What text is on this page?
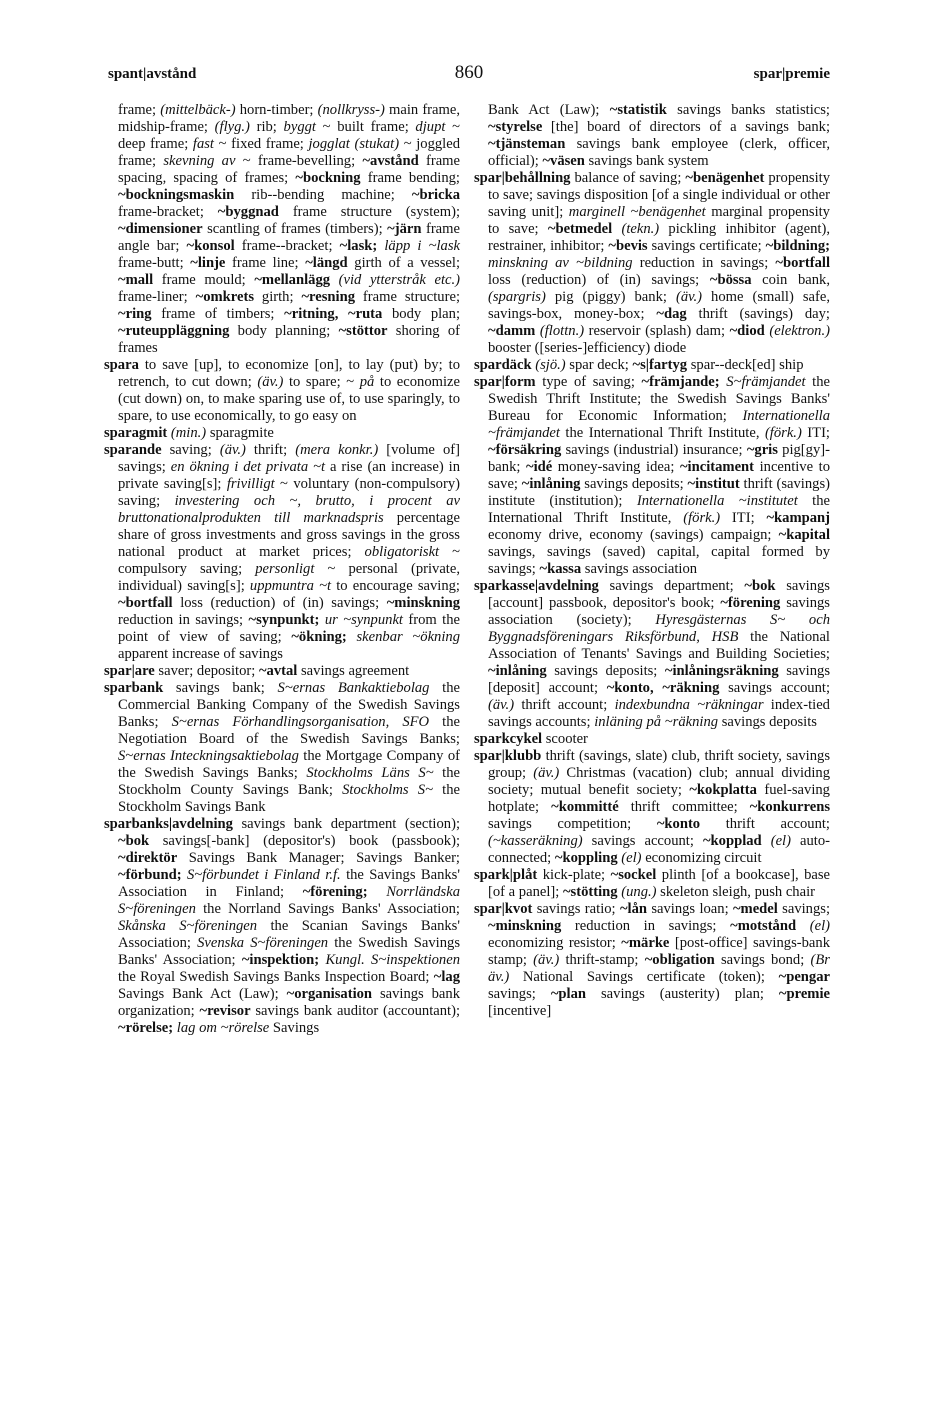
spant|avstånd	860	spar|premie

frame; (mittelbäck-) horn-timber; (nollkryss-) main frame, midship-frame; (flyg.) rib; byggt ~ built frame; djupt ~ deep frame; fast ~ fixed frame; jogglat (stukat) ~ joggled frame; skevning av ~ frame-bevelling; ~avstånd frame spacing, spacing of frames; ~bockning frame bending; ~bockningsmaskin rib--bending machine; ~bricka frame-bracket; ~byggnad frame structure (system); ~dimensioner scantling of frames (timbers); ~järn frame angle bar; ~konsol frame--bracket; ~lask; läpp i ~lask frame-butt; ~linje frame line; ~längd girth of a vessel; ~mall frame mould; ~mellanlägg (vid ytterstråk etc.) frame-liner; ~omkrets girth; ~resning frame structure; ~ring frame of timbers; ~ritning, ~ruta body plan; ~ruteuppläggning body planning; ~stöttor shoring of frames

spara to save [up], to economize [on], to lay (put) by; to retrench, to cut down; (äv.) to spare; ~ på to economize (cut down) on, to make sparing use of, to use sparingly, to spare, to use economically, to go easy on

sparagmit (min.) sparagmite

sparande saving; (äv.) thrift; (mera konkr.) [volume of] savings; en ökning i det privata ~t a rise (an increase) in private saving[s]; frivilligt ~ voluntary (non-compulsory) saving; investering och ~, brutto, i procent av bruttonationalprodukten till marknadspris percentage share of gross investments and gross savings in the gross national product at market prices; obligatoriskt ~ compulsory saving; personligt ~ personal (private, individual) saving[s]; uppmuntra ~t to encourage saving; ~bortfall loss (reduction) of (in) savings; ~minskning reduction in savings; ~synpunkt; ur ~synpunkt from the point of view of saving; ~ökning; skenbar ~ökning apparent increase of savings

spar|are saver; depositor; ~avtal savings agreement

sparbank savings bank; S~ernas Bankaktiebolag the Commercial Banking Company of the Swedish Savings Banks; S~ernas Förhandlingsorganisation, SFO the Negotiation Board of the Swedish Savings Banks; S~ernas Inteckningsaktiebolag the Mortgage Company of the Swedish Savings Banks; Stockholms Läns S~ the Stockholm County Savings Bank; Stockholms S~ the Stockholm Savings Bank

sparbanks|avdelning savings bank department (section); ~bok savings[-bank] (depositor's) book (passbook); ~direktör Savings Bank Manager; Savings Banker; ~förbund; S~förbundet i Finland r.f. the Savings Banks' Association in Finland; ~förening; Norrländska S~föreningen the Norrland Savings Banks' Association; Skånska S~föreningen the Scanian Savings Banks' Association; Svenska S~föreningen the Swedish Savings Banks' Association; ~inspektion; Kungl. S~inspektionen the Royal Swedish Savings Banks Inspection Board; ~lag Savings Bank Act (Law); ~organisation savings bank organization; ~revisor savings bank auditor (accountant); ~rörelse; lag om ~rörelse Savings

Bank Act (Law); ~statistik savings banks statistics; ~styrelse [the] board of directors of a savings bank; ~tjänsteman savings bank employee (clerk, officer, official); ~väsen savings bank system

spar|behållning balance of saving; ~benägenhet propensity to save; savings disposition [of a single individual or other saving unit]; marginell ~benägenhet marginal propensity to save; ~betmedel (tekn.) pickling inhibitor (agent), restrainer, inhibitor; ~bevis savings certificate; ~bildning; minskning av ~bildning reduction in savings; ~bortfall loss (reduction) of (in) savings; ~bössa coin bank, (spargris) pig (piggy) bank; (äv.) home (small) safe, savings-box, money-box; ~dag thrift (savings) day; ~damm (flottn.) reservoir (splash) dam; ~diod (elektron.) booster ([series-]efficiency) diode

spardäck (sjö.) spar deck; ~s|fartyg spar--deck[ed] ship

spar|form type of saving; ~främjande; S~främjandet the Swedish Thrift Institute; the Swedish Savings Banks' Bureau for Economic Information; Internationella ~främjandet the International Thrift Institute, (förk.) ITI; ~försäkring savings (industrial) insurance; ~gris pig[gy]-bank; ~idé money-saving idea; ~incitament incentive to save; ~inlåning savings deposits; ~institut thrift (savings) institute (institution); Internationella ~institutet the International Thrift Institute, (förk.) ITI; ~kampanj economy drive, economy (savings) campaign; ~kapital savings, savings (saved) capital, capital formed by savings; ~kassa savings association

sparkasse|avdelning savings department; ~bok savings [account] passbook, depositor's book; ~förening savings association (society); Hyresgästernas S~ och Byggnadsföreningars Riksförbund, HSB the National Association of Tenants' Savings and Building Societies; ~inlåning savings deposits; ~inlåningsräkning savings [deposit] account; ~konto, ~räkning savings account; (äv.) thrift account; indexbundna ~räkningar index-tied savings accounts; inläning på ~räkning savings deposits

sparkcykel scooter

spar|klubb thrift (savings, slate) club, thrift society, savings group; (äv.) Christmas (vacation) club; annual dividing society; mutual benefit society; ~kokplatta fuel-saving hotplate; ~kommitté thrift committee; ~konkurrens savings competition; ~konto thrift account; (~kasseräkning) savings account; ~kopplad (el) auto-connected; ~koppling (el) economizing circuit

spark|plåt kick-plate; ~sockel plinth [of a bookcase], base [of a panel]; ~stötting (ung.) skeleton sleigh, push chair

spar|kvot savings ratio; ~lån savings loan; ~medel savings; ~minskning reduction in savings; ~motstånd (el) economizing resistor; ~märke [post-office] savings-bank stamp; (äv.) thrift-stamp; ~obligation savings bond; (Br äv.) National Savings certificate (token); ~pengar savings; ~plan savings (austerity) plan; ~premie [incentive]
